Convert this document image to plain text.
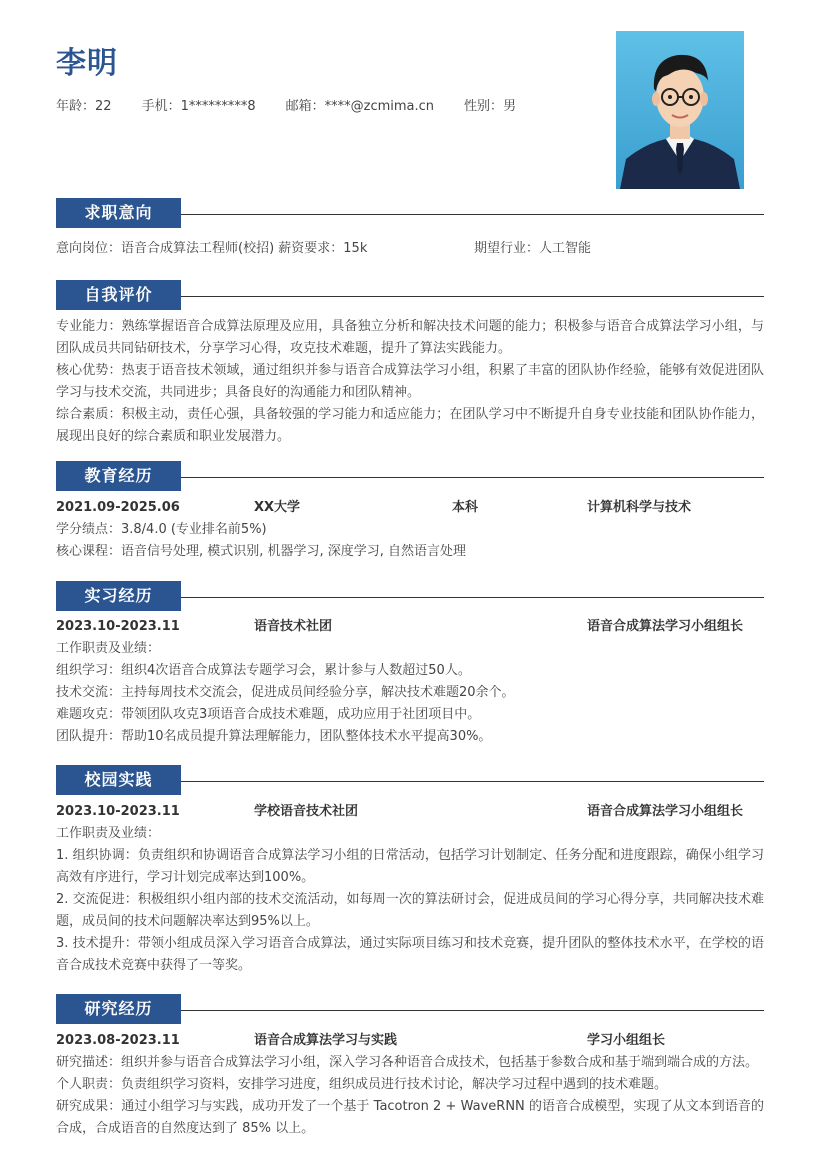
李明
年龄：22 手机：1*********8 邮箱：****@zcmima.cn 性别：男
求职意向
意向岗位：语音合成算法工程师(校招) 薪资要求：15k	期望行业：人工智能
自我评价
专业能力：熟练掌握语音合成算法原理及应用，具备独立分析和解决技术问题的能力；积极参与语音合成算法学习小组，与团队成员共同钻研技术，分享学习心得，攻克技术难题，提升了算法实践能力。
核心优势：热衷于语音技术领域，通过组织并参与语音合成算法学习小组，积累了丰富的团队协作经验，能够有效促进团队学习与技术交流，共同进步；具备良好的沟通能力和团队精神。
综合素质：积极主动，责任心强，具备较强的学习能力和适应能力；在团队学习中不断提升自身专业技能和团队协作能力，展现出良好的综合素质和职业发展潜力。
教育经历
2021.09-2025.06	XX大学	本科	计算机科学与技术
学分绩点：3.8/4.0 (专业排名前5%)
核心课程：语音信号处理, 模式识别, 机器学习, 深度学习, 自然语言处理
实习经历
2023.10-2023.11	语音技术社团	语音合成算法学习小组组长
工作职责及业绩：
组织学习：组织4次语音合成算法专题学习会，累计参与人数超过50人。
技术交流：主持每周技术交流会，促进成员间经验分享，解决技术难题20余个。
难题攻克：带领团队攻克3项语音合成技术难题，成功应用于社团项目中。
团队提升：帮助10名成员提升算法理解能力，团队整体技术水平提高30%。
校园实践
2023.10-2023.11	学校语音技术社团	语音合成算法学习小组组长
工作职责及业绩：
1. 组织协调：负责组织和协调语音合成算法学习小组的日常活动，包括学习计划制定、任务分配和进度跟踪，确保小组学习高效有序进行，学习计划完成率达到100%。
2. 交流促进：积极组织小组内部的技术交流活动，如每周一次的算法研讨会，促进成员间的学习心得分享，共同解决技术难题，成员间的技术问题解决率达到95%以上。
3. 技术提升：带领小组成员深入学习语音合成算法，通过实际项目练习和技术竞赛，提升团队的整体技术水平，在学校的语音合成技术竞赛中获得了一等奖。
研究经历
2023.08-2023.11	语音合成算法学习与实践	学习小组组长
研究描述：组织并参与语音合成算法学习小组，深入学习各种语音合成技术，包括基于参数合成和基于端到端合成的方法。
个人职责：负责组织学习资料，安排学习进度，组织成员进行技术讨论，解决学习过程中遇到的技术难题。
研究成果：通过小组学习与实践，成功开发了一个基于 Tacotron 2 + WaveRNN 的语音合成模型，实现了从文本到语音的合成，合成语音的自然度达到了 85% 以上。
